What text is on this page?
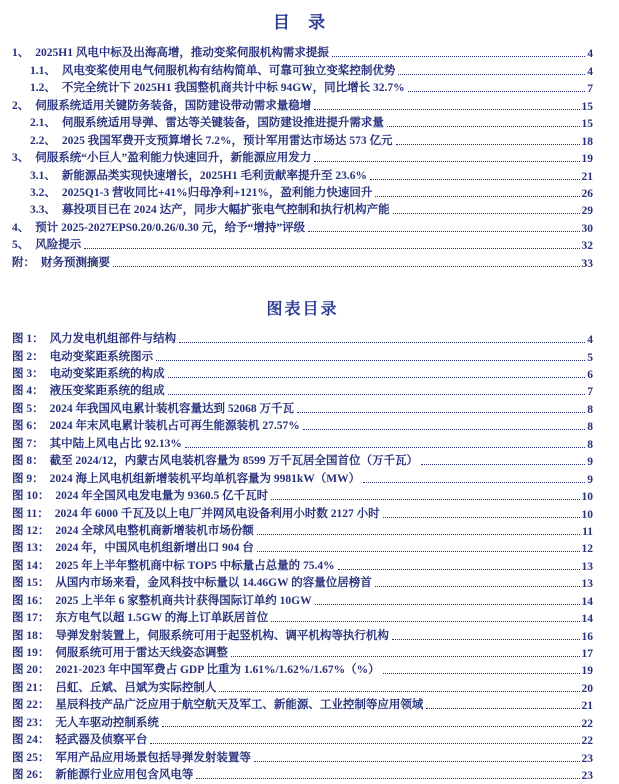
目 录
1、 2025H1 风电中标及出海高增，推动变桨伺服机构需求提振	4
1.1、 风电变桨使用电气伺服机构有结构简单、可靠可独立变桨控制优势	4
1.2、 不完全统计下 2025H1 我国整机商共计中标 94GW，同比增长 32.7%	7
2、 伺服系统适用关键防务装备，国防建设带动需求量稳增	15
2.1、 伺服系统适用导弹、雷达等关键装备，国防建设推进提升需求量	15
2.2、 2025 我国军费开支预算增长 7.2%，预计军用雷达市场达 573 亿元	18
3、 伺服系统“小巨人”盈利能力快速回升，新能源应用发力	19
3.1、 新能源品类实现快速增长，2025H1 毛利贡献率提升至 23.6%	21
3.2、 2025Q1-3 营收同比+41%归母净利+121%，盈利能力快速回升	26
3.3、 募投项目已在 2024 达产，同步大幅扩张电气控制和执行机构产能	29
4、 预计 2025-2027EPS0.20/0.26/0.30 元，给予“增持”评级	30
5、 风险提示	32
附： 财务预测摘要	33
图表目录
图 1： 风力发电机组部件与结构	4
图 2： 电动变桨距系统图示	5
图 3： 电动变桨距系统的构成	6
图 4： 液压变桨距系统的组成	7
图 5： 2024 年我国风电累计装机容量达到 52068 万千瓦	8
图 6： 2024 年末风电累计装机占可再生能源装机 27.57%	8
图 7： 其中陆上风电占比 92.13%	8
图 8： 截至 2024/12，内蒙古风电装机容量为 8599 万千瓦居全国首位（万千瓦）	9
图 9： 2024 海上风电机组新增装机平均单机容量为 9981kW（MW）	9
图 10： 2024 年全国风电发电量为 9360.5 亿千瓦时	10
图 11： 2024 年 6000 千瓦及以上电厂并网风电设备利用小时数 2127 小时	10
图 12： 2024 全球风电整机商新增装机市场份额	11
图 13： 2024 年，中国风电机组新增出口 904 台	12
图 14： 2025 年上半年整机商中标 TOP5 中标量占总量的 75.4%	13
图 15： 从国内市场来看，金风科技中标量以 14.46GW 的容量位居榜首	13
图 16： 2025 上半年 6 家整机商共计获得国际订单约 10GW	14
图 17： 东方电气以超 1.5GW 的海上订单跃居首位	14
图 18： 导弹发射装置上，伺服系统可用于起竖机构、调平机构等执行机构	16
图 19： 伺服系统可用于雷达天线姿态调整	17
图 20： 2021-2023 年中国军费占 GDP 比重为 1.61%/1.62%/1.67%（%）	19
图 21： 吕虹、丘斌、吕斌为实际控制人	20
图 22： 星辰科技产品广泛应用于航空航天及军工、新能源、工业控制等应用领域	21
图 23： 无人车驱动控制系统	22
图 24： 轻武器及侦察平台	22
图 25： 军用产品应用场景包括导弹发射装置等	23
图 26： 新能源行业应用包含风电等	23
